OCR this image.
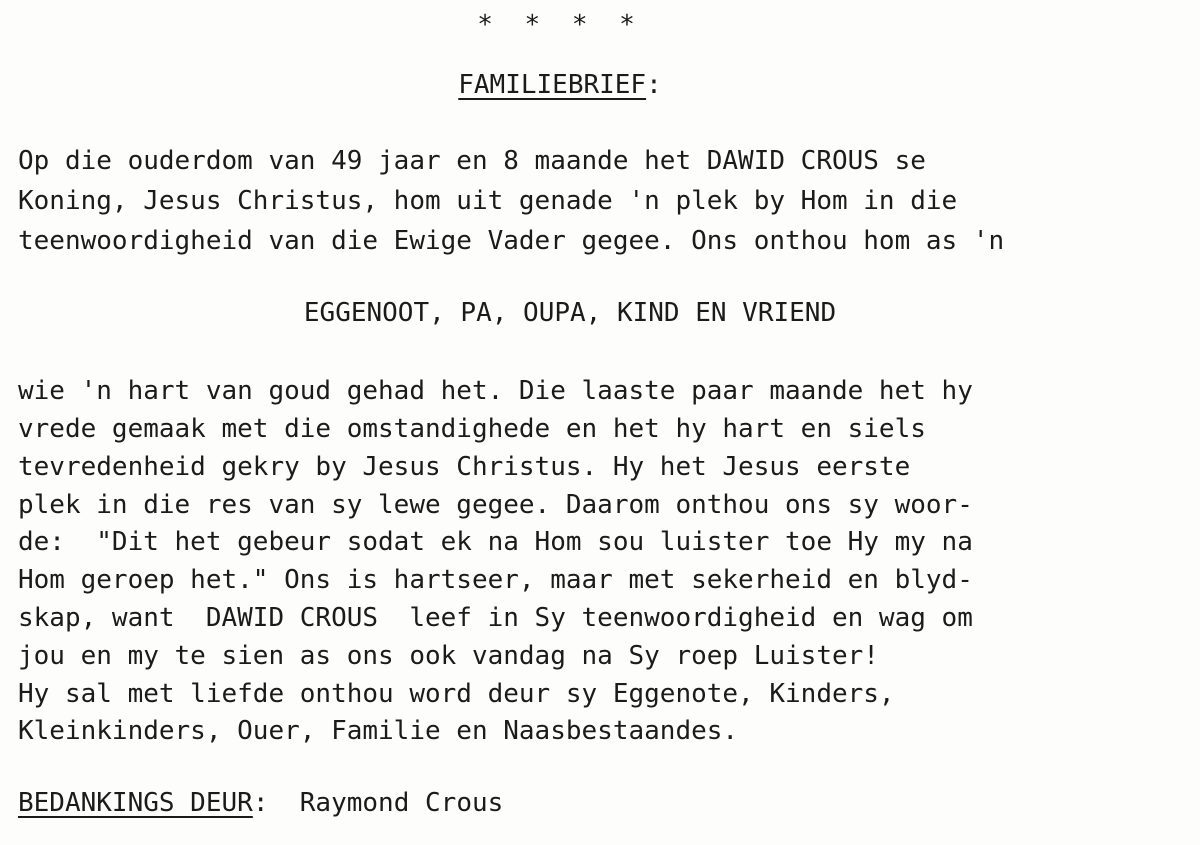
* * * *
FAMILIEBRIEF:
Op die ouderdom van 49 jaar en 8 maande het DAWID CROUS se
Koning, Jesus Christus, hom uit genade 'n plek by Hom in die
teenwoordigheid van die Ewige Vader gegee. Ons onthou hom as 'n
EGGENOOT, PA, OUPA, KIND EN VRIEND
wie 'n hart van goud gehad het. Die laaste paar maande het hy
vrede gemaak met die omstandighede en het hy hart en siels
tevredenheid gekry by Jesus Christus. Hy het Jesus eerste
plek in die res van sy lewe gegee. Daarom onthou ons sy woor-
de:  "Dit het gebeur sodat ek na Hom sou luister toe Hy my na
Hom geroep het." Ons is hartseer, maar met sekerheid en blyd-
skap, want  DAWID CROUS  leef in Sy teenwoordigheid en wag om
jou en my te sien as ons ook vandag na Sy roep Luister!
Hy sal met liefde onthou word deur sy Eggenote, Kinders,
Kleinkinders, Ouer, Familie en Naasbestaandes.
BEDANKINGS DEUR: Raymond Crous
